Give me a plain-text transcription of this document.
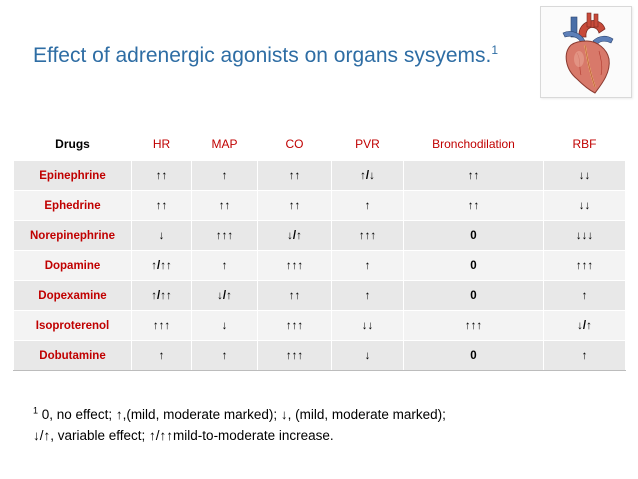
Effect of adrenergic agonists on organs sysyems.$^1$
Drugs	HR	MAP	CO	PVR	Bronchodilation	RBF
Epinephrine	↑↑	↑	↑↑	↑/↓	↑↑	↓↓
Ephedrine	↑↑	↑↑	↑↑	↑	↑↑	↓↓
Norepinephrine	↓	↑↑↑	↓/↑	↑↑↑	0	↓↓↓
Dopamine	↑/↑↑	↑	↑↑↑	↑	0	↑↑↑
Dopexamine	↑/↑↑	↓/↑	↑↑	↑	0	↑
Isoproterenol	↑↑↑	↓	↑↑↑	↓↓	↑↑↑	↓/↑
Dobutamine	↑	↑	↑↑↑	↓	0	↑
$^1$ 0, no effect; ↑,(mild, moderate marked); ↓, (mild, moderate marked);
↓/↑, variable effect; ↑/↑↑mild-to-moderate increase.
